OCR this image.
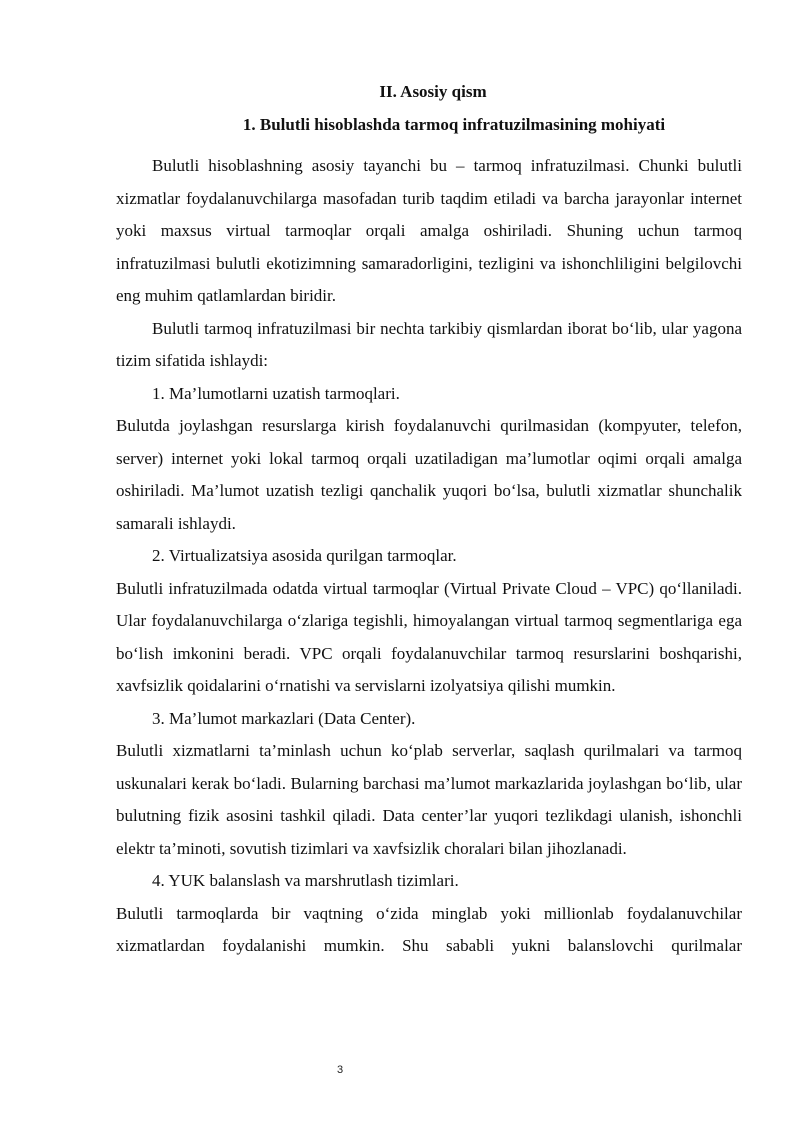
II. Asosiy qism

1. Bulutli hisoblashda tarmoq infratuzilmasining mohiyati

Bulutli hisoblashning asosiy tayanchi bu – tarmoq infratuzilmasi. Chunki bulutli xizmatlar foydalanuvchilarga masofadan turib taqdim etiladi va barcha jarayonlar internet yoki maxsus virtual tarmoqlar orqali amalga oshiriladi. Shuning uchun tarmoq infratuzilmasi bulutli ekotizimning samaradorligini, tezligini va ishonchliligini belgilovchi eng muhim qatlamlardan biridir.

Bulutli tarmoq infratuzilmasi bir nechta tarkibiy qismlardan iborat bo‘lib, ular yagona tizim sifatida ishlaydi:

1. Ma’lumotlarni uzatish tarmoqlari.

Bulutda joylashgan resurslarga kirish foydalanuvchi qurilmasidan (kompyuter, telefon, server) internet yoki lokal tarmoq orqali uzatiladigan ma’lumotlar oqimi orqali amalga oshiriladi. Ma’lumot uzatish tezligi qanchalik yuqori bo‘lsa, bulutli xizmatlar shunchalik samarali ishlaydi.

2. Virtualizatsiya asosida qurilgan tarmoqlar.

Bulutli infratuzilmada odatda virtual tarmoqlar (Virtual Private Cloud – VPC) qo‘llaniladi. Ular foydalanuvchilarga o‘zlariga tegishli, himoyalangan virtual tarmoq segmentlariga ega bo‘lish imkonini beradi. VPC orqali foydalanuvchilar tarmoq resurslarini boshqarishi, xavfsizlik qoidalarini o‘rnatishi va servislarni izolyatsiya qilishi mumkin.

3. Ma’lumot markazlari (Data Center).

Bulutli xizmatlarni ta’minlash uchun ko‘plab serverlar, saqlash qurilmalari va tarmoq uskunalari kerak bo‘ladi. Bularning barchasi ma’lumot markazlarida joylashgan bo‘lib, ular bulutning fizik asosini tashkil qiladi. Data center’lar yuqori tezlikdagi ulanish, ishonchli elektr ta’minoti, sovutish tizimlari va xavfsizlik choralari bilan jihozlanadi.

4. YUK balanslash va marshrutlash tizimlari.

Bulutli tarmoqlarda bir vaqtning o‘zida minglab yoki millionlab foydalanuvchilar xizmatlardan foydalanishi mumkin. Shu sababli yukni balanslovchi qurilmalar

3
